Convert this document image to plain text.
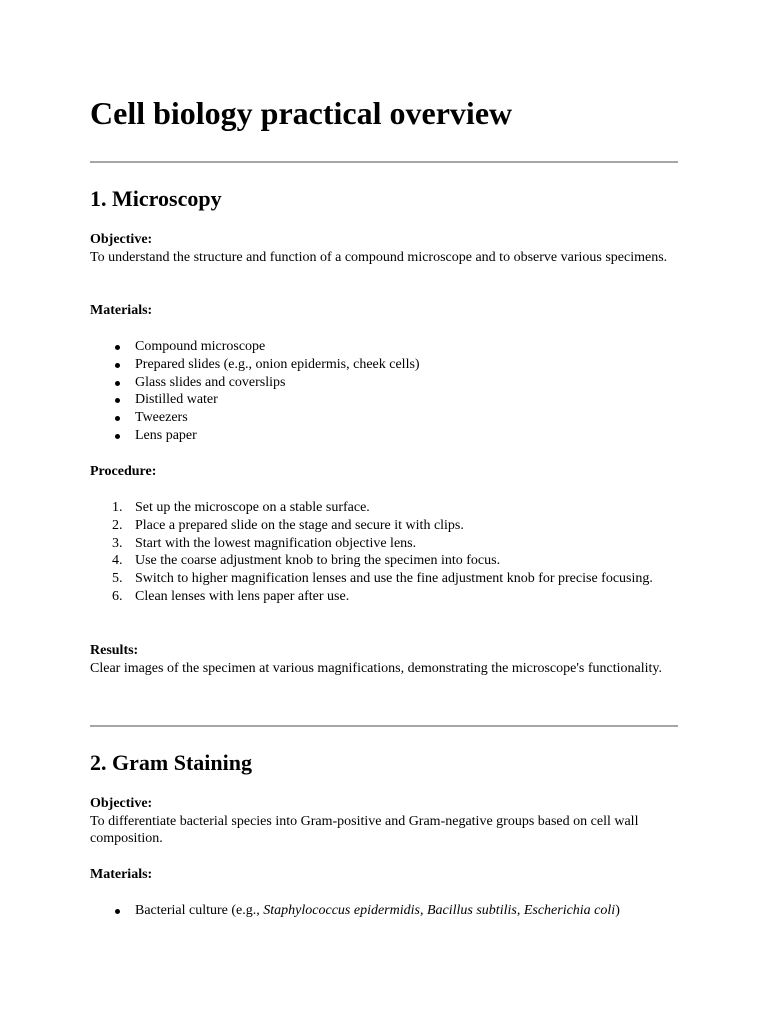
Cell biology practical overview
1. Microscopy
Objective:
To understand the structure and function of a compound microscope and to observe various specimens.
Materials:
Compound microscope
Prepared slides (e.g., onion epidermis, cheek cells)
Glass slides and coverslips
Distilled water
Tweezers
Lens paper
Procedure:
1. Set up the microscope on a stable surface.
2. Place a prepared slide on the stage and secure it with clips.
3. Start with the lowest magnification objective lens.
4. Use the coarse adjustment knob to bring the specimen into focus.
5. Switch to higher magnification lenses and use the fine adjustment knob for precise focusing.
6. Clean lenses with lens paper after use.
Results:
Clear images of the specimen at various magnifications, demonstrating the microscope's functionality.
2. Gram Staining
Objective:
To differentiate bacterial species into Gram-positive and Gram-negative groups based on cell wall composition.
Materials:
Bacterial culture (e.g., Staphylococcus epidermidis, Bacillus subtilis, Escherichia coli)
